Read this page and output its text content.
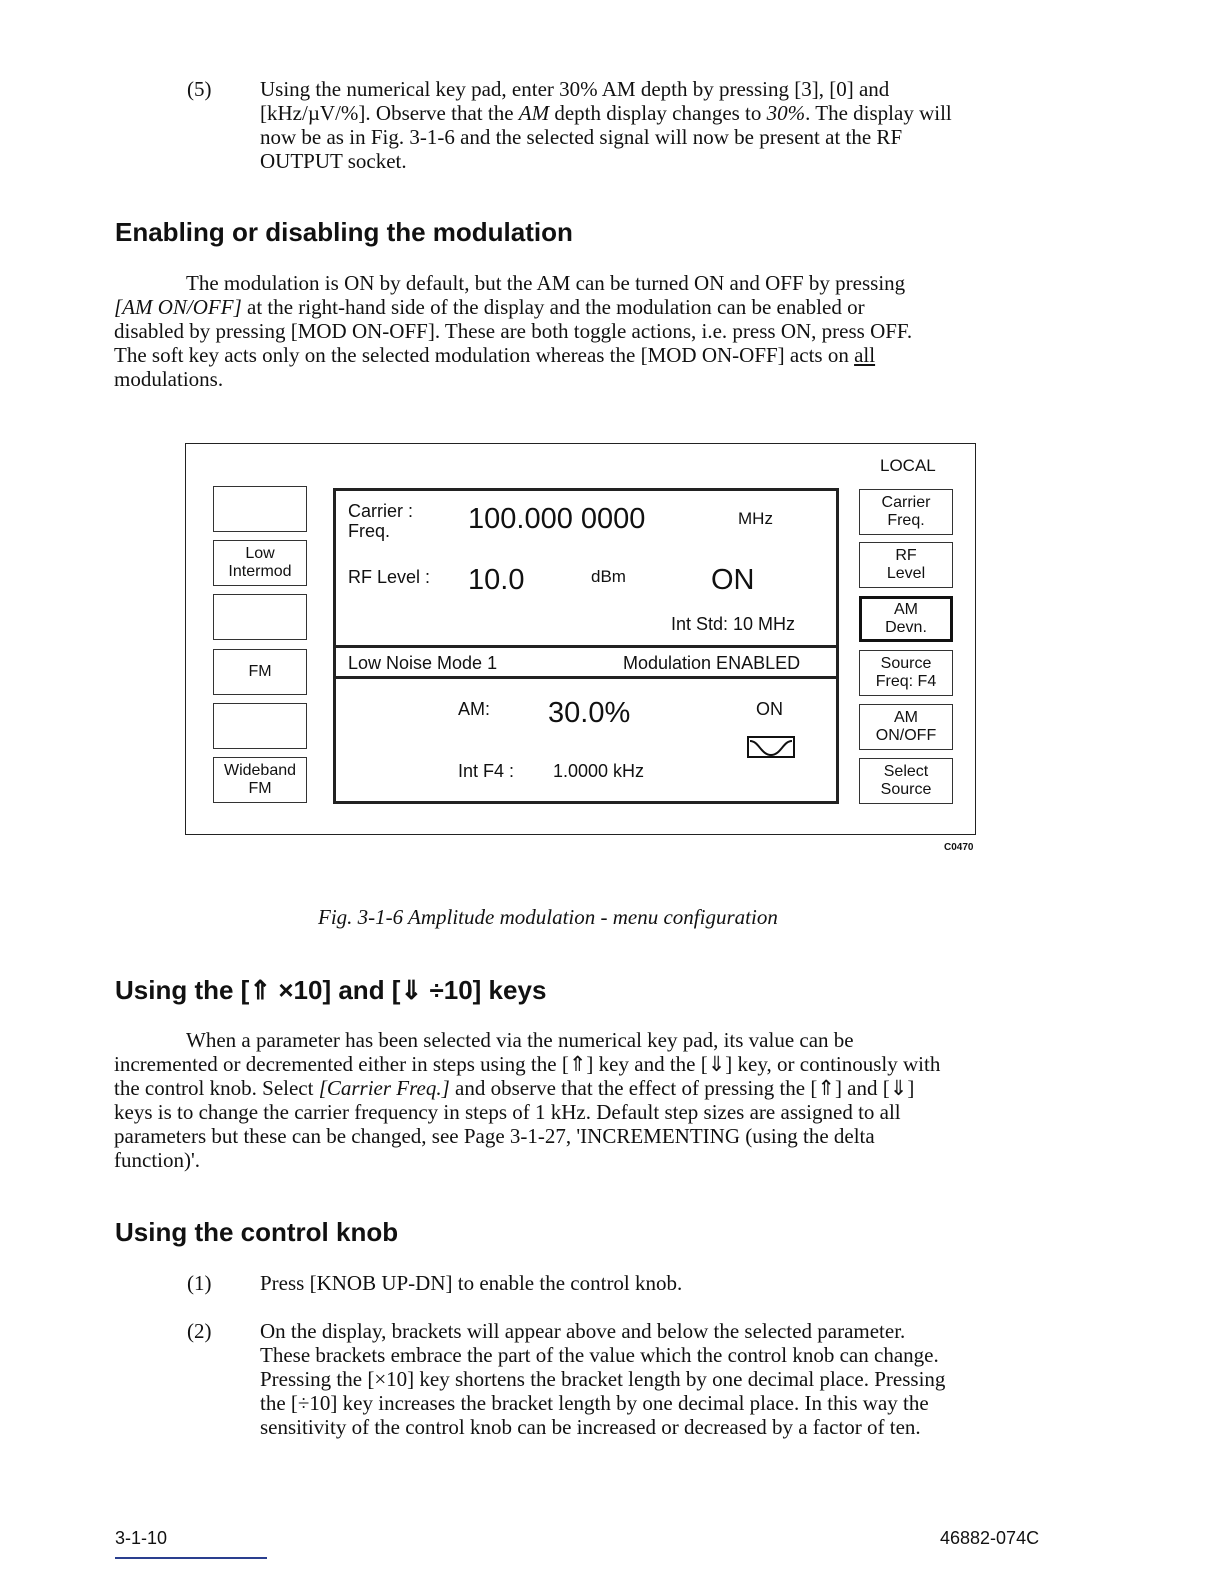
(5) Using the numerical key pad, enter 30% AM depth by pressing [3], [0] and
[kHz/µV/%]. Observe that the AM depth display changes to 30%. The display will
now be as in Fig. 3-1-6 and the selected signal will now be present at the RF
OUTPUT socket.
Enabling or disabling the modulation
The modulation is ON by default, but the AM can be turned ON and OFF by pressing
[AM ON/OFF] at the right-hand side of the display and the modulation can be enabled or
disabled by pressing [MOD ON-OFF]. These are both toggle actions, i.e. press ON, press OFF.
The soft key acts only on the selected modulation whereas the [MOD ON-OFF] acts on all
modulations.
LOCAL
Low
Intermod
FM
Wideband
FM
Carrier
Freq.
RF
Level
AM
Devn.
Source
Freq: F4
AM
ON/OFF
Select
Source
Carrier :
Freq.	100.000 0000	MHz
RF Level : 10.0	dBm	ON
Int Std: 10 MHz
Low Noise Mode 1	Modulation ENABLED
AM: 30.0%	ON
Int F4 : 1.0000 kHz
C0470
Fig. 3-1-6 Amplitude modulation - menu configuration
Using the [⇑ ×10] and [⇓ ÷10] keys
When a parameter has been selected via the numerical key pad, its value can be
incremented or decremented either in steps using the [⇑] key and the [⇓] key, or continously with
the control knob. Select [Carrier Freq.] and observe that the effect of pressing the [⇑] and [⇓]
keys is to change the carrier frequency in steps of 1 kHz. Default step sizes are assigned to all
parameters but these can be changed, see Page 3-1-27, 'INCREMENTING (using the delta
function)'.
Using the control knob
(1) Press [KNOB UP-DN] to enable the control knob.
(2) On the display, brackets will appear above and below the selected parameter.
These brackets embrace the part of the value which the control knob can change.
Pressing the [×10] key shortens the bracket length by one decimal place. Pressing
the [÷10] key increases the bracket length by one decimal place. In this way the
sensitivity of the control knob can be increased or decreased by a factor of ten.
3-1-10	46882-074C
